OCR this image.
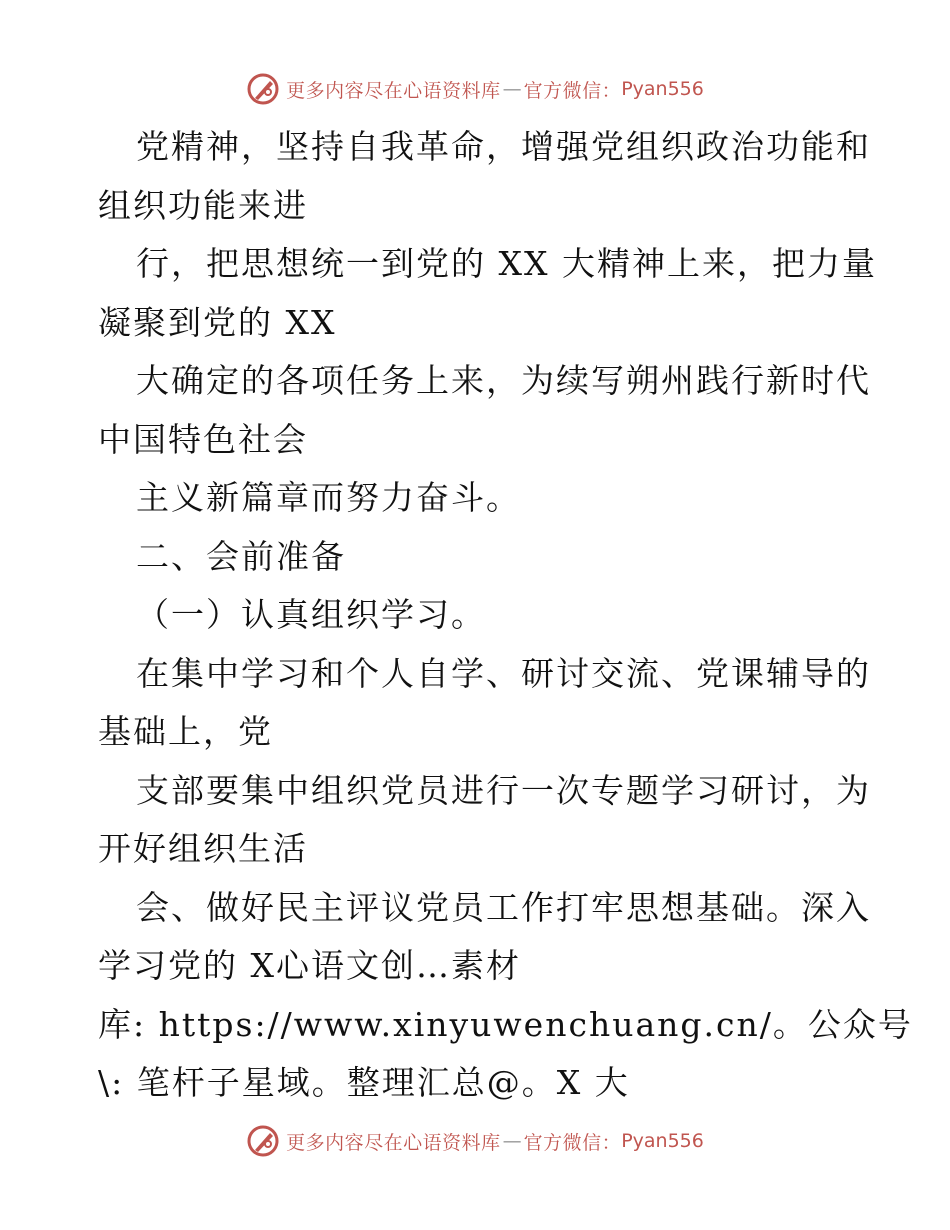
更多内容尽在心语资料库 — 官方微信： Pyan556
党精神，坚持自我革命，增强党组织政治功能和
组织功能来进
行，把思想统一到党的 XX 大精神上来，把力量
凝聚到党的 XX
大确定的各项任务上来，为续写朔州践行新时代
中国特色社会
主义新篇章而努力奋斗。
二、会前准备
（一）认真组织学习。
在集中学习和个人自学、研讨交流、党课辅导的
基础上，党
支部要集中组织党员进行一次专题学习研讨，为
开好组织生活
会、做好民主评议党员工作打牢思想基础。深入
学习党的 X心语文创…素材
库: https://www.xinyuwenchuang.cn/。公众号
\: 笔杆子星域。整理汇总@。X 大
更多内容尽在心语资料库 — 官方微信： Pyan556
